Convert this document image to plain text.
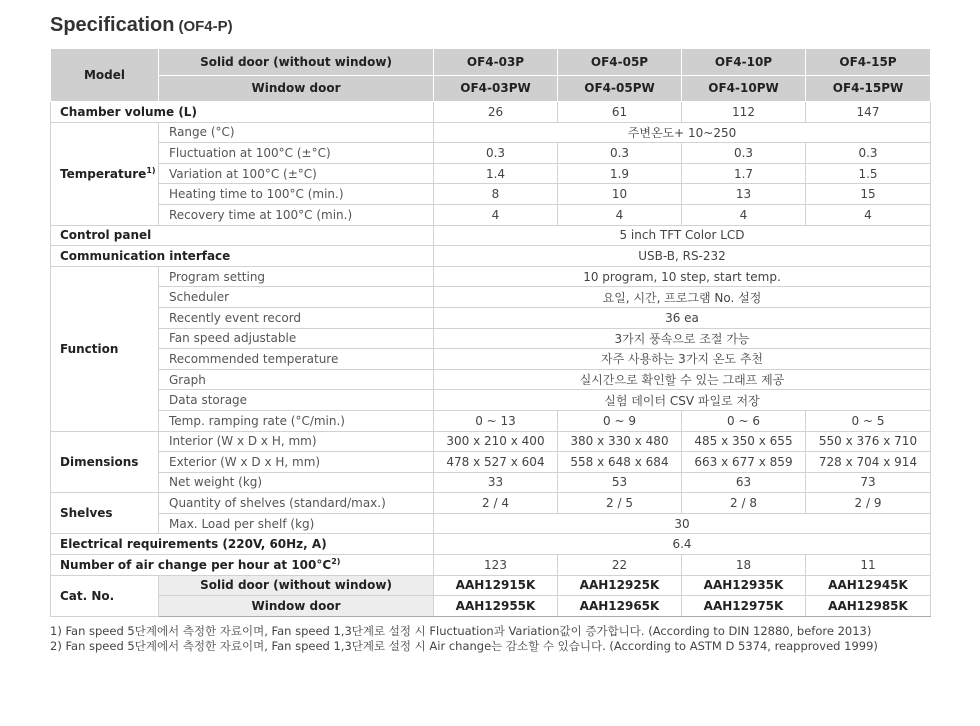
Specification (OF4-P)
Model	Solid door (without window)	OF4-03P	OF4-05P	OF4-10P	OF4-15P
	Window door	OF4-03PW	OF4-05PW	OF4-10PW	OF4-15PW
Chamber volume (L)		26	61	112	147
Temperature$^{1)}$	Range (°C)	주변온도+ 10~250			
	Fluctuation at 100°C (±°C)	0.3	0.3	0.3	0.3
	Variation at 100°C (±°C)	1.4	1.9	1.7	1.5
	Heating time to 100°C (min.)	8	10	13	15
	Recovery time at 100°C (min.)	4	4	4	4
Control panel		5 inch TFT Color LCD			
Communication interface		USB-B, RS-232			
Function	Program setting	10 program, 10 step, start temp.			
	Scheduler	요일, 시간, 프로그램 No. 설정			
	Recently event record	36 ea			
	Fan speed adjustable	3가지 풍속으로 조절 가능			
	Recommended temperature	자주 사용하는 3가지 온도 추천			
	Graph	실시간으로 확인할 수 있는 그래프 제공			
	Data storage	실험 데이터 CSV 파일로 저장			
	Temp. ramping rate (°C/min.)	0 ~ 13	0 ~ 9	0 ~ 6	0 ~ 5
Dimensions	Interior (W x D x H, mm)	300 x 210 x 400	380 x 330 x 480	485 x 350 x 655	550 x 376 x 710
	Exterior (W x D x H, mm)	478 x 527 x 604	558 x 648 x 684	663 x 677 x 859	728 x 704 x 914
	Net weight (kg)	33	53	63	73
Shelves	Quantity of shelves (standard/max.)	2 / 4	2 / 5	2 / 8	2 / 9
	Max. Load per shelf (kg)	30			
Electrical requirements (220V, 60Hz, A)		6.4			
Number of air change per hour at $100^\circ C^{2)}$		123	22	18	11
Cat. No.	Solid door (without window)	AAH12915K	AAH12925K	AAH12935K	AAH12945K
	Window door	AAH12955K	AAH12965K	AAH12975K	AAH12985K
1) Fan speed 5단계에서 측정한 자료이며, Fan speed 1,3단계로 설정 시 Fluctuation과 Variation값이 증가합니다. (According to DIN 12880, before 2013)
2) Fan speed 5단계에서 측정한 자료이며, Fan speed 1,3단계로 설정 시 Air change는 감소할 수 있습니다. (According to ASTM D 5374, reapproved 1999)
